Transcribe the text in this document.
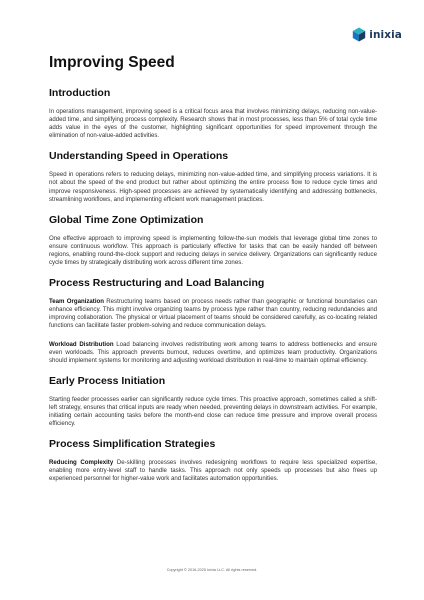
inixia
Improving Speed
Introduction

In operations management, improving speed is a critical focus area that involves minimizing delays, reducing non-value-added time, and simplifying process complexity. Research shows that in most processes, less than 5% of total cycle time adds value in the eyes of the customer, highlighting significant opportunities for speed improvement through the elimination of non-value-added activities.

Understanding Speed in Operations

Speed in operations refers to reducing delays, minimizing non-value-added time, and simplifying process variations. It is not about the speed of the end product but rather about optimizing the entire process flow to reduce cycle times and improve responsiveness. High-speed processes are achieved by systematically identifying and addressing bottlenecks, streamlining workflows, and implementing efficient work management practices.

Global Time Zone Optimization

One effective approach to improving speed is implementing follow-the-sun models that leverage global time zones to ensure continuous workflow. This approach is particularly effective for tasks that can be easily handed off between regions, enabling round-the-clock support and reducing delays in service delivery. Organizations can significantly reduce cycle times by strategically distributing work across different time zones.

Process Restructuring and Load Balancing

Team Organization Restructuring teams based on process needs rather than geographic or functional boundaries can enhance efficiency. This might involve organizing teams by process type rather than country, reducing redundancies and improving collaboration. The physical or virtual placement of teams should be considered carefully, as co-locating related functions can facilitate faster problem-solving and reduce communication delays.

Workload Distribution Load balancing involves redistributing work among teams to address bottlenecks and ensure even workloads. This approach prevents burnout, reduces overtime, and optimizes team productivity. Organizations should implement systems for monitoring and adjusting workload distribution in real-time to maintain optimal efficiency.

Early Process Initiation

Starting feeder processes earlier can significantly reduce cycle times. This proactive approach, sometimes called a shift-left strategy, ensures that critical inputs are ready when needed, preventing delays in downstream activities. For example, initiating certain accounting tasks before the month-end close can reduce time pressure and improve overall process efficiency.

Process Simplification Strategies

Reducing Complexity De-skilling processes involves redesigning workflows to require less specialized expertise, enabling more entry-level staff to handle tasks. This approach not only speeds up processes but also frees up experienced personnel for higher-value work and facilitates automation opportunities.

Copyright © 2016-2025 Inixia LLC. All rights reserved.
